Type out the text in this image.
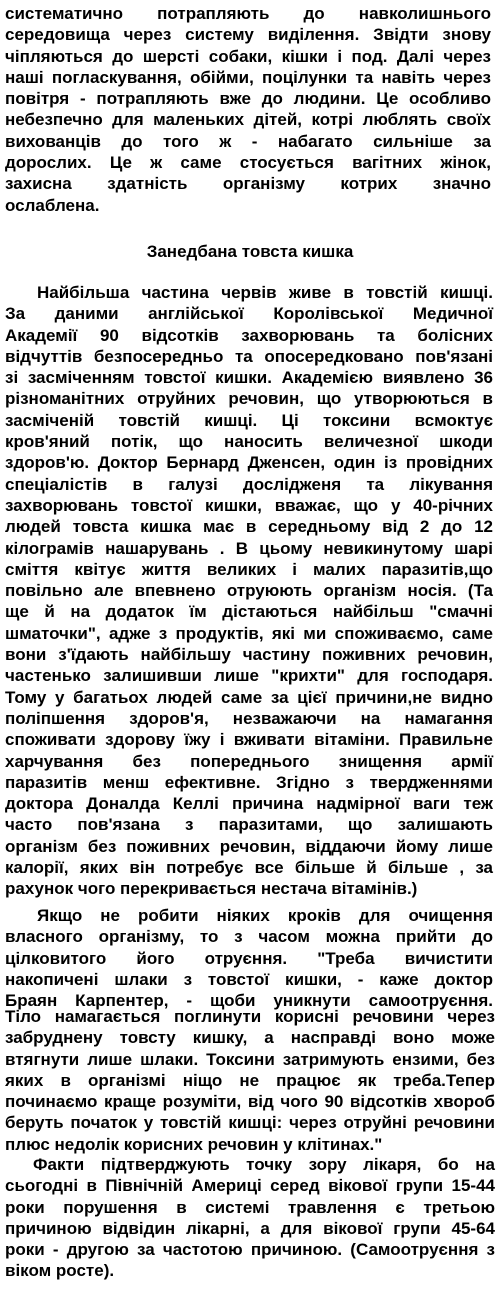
систематично потрапляють до навколишнього
середовища через систему виділення. Звідти знову
чіпляються до шерсті собаки, кішки і под. Далі через
наші погласкування, обійми, поцілунки та навіть через
повітря - потрапляють вже до людини. Це особливо
небезпечно для маленьких дітей, котрі люблять своїх
вихованців до того ж - набагато сильніше за
дорослих. Це ж саме стосується вагітних жінок,
захисна здатність організму котрих значно
ослаблена.
Занедбана товста кишка
Найбільша частина червів живе в товстій кишці.
За даними англійської Королівської Медичної
Академії 90 відсотків захворювань та болісних
відчуттів безпосередньо та опосередковано пов'язані
зі засміченням товстої кишки. Академією виявлено 36
різноманітних отруйних речовин, що утворюються в
засміченій товстій кишці. Ці токсини всмоктує
кров'яний потік, що наносить величезної шкоди
здоров'ю. Доктор Бернард Дженсен, один із провідних
спеціалістів в галузі дослідженя та лікування
захворювань товстої кишки, вважає, що у 40-річних
людей товста кишка має в середньому від 2 до 12
кілограмів нашарувань . В цьому невикинутому шарі
сміття квітує життя великих і малих паразитів,що
повільно але впевнено отруюють організм носія. (Та
ще й на додаток їм дістаються найбільш "смачні
шматочки", адже з продуктів, які ми споживаємо, саме
вони з'їдають найбільшу частину поживних речовин,
частенько залишивши лише "крихти" для господаря.
Тому у багатьох людей саме за цієї причини,не видно
поліпшення здоров'я, незважаючи на намагання
споживати здорову їжу і вживати вітаміни. Правильне
харчування без попереднього знищення армії
паразитів менш ефективне. Згідно з твердженнями
доктора Доналда Келлі причина надмірної ваги теж
часто пов'язана з паразитами, що залишають
організм без поживних речовин, віддаючи йому лише
калорії, яких він потребує все більше й більше , за
рахунок чого перекривається нестача вітамінів.)
Якщо не робити ніяких кроків для очищення
власного організму, то з часом можна прийти до
цілковитого його отруєння. "Треба вичистити
накопичені шлаки з товстої кишки, - каже доктор
Браян Карпентер, - щоби уникнути самоотруєння.
Тіло намагається поглинути корисні речовини через
забруднену товсту кишку, а насправді воно може
втягнути лише шлаки. Токсини затримують ензими, без
яких в організмі ніщо не працює як треба.Тепер
починаємо краще розуміти, від чого 90 відсотків хвороб
беруть початок у товстій кишці: через отруйні речовини
плюс недолік корисних речовин у клітинах."
Факти підтверджують точку зору лікаря, бо на
сьогодні в Північній Америці серед вікової групи 15-44
роки порушення в системі травлення є третьою
причиною відвідин лікарні, а для вікової групи 45-64
роки - другою за частотою причиною. (Самоотруєння з
віком росте).
